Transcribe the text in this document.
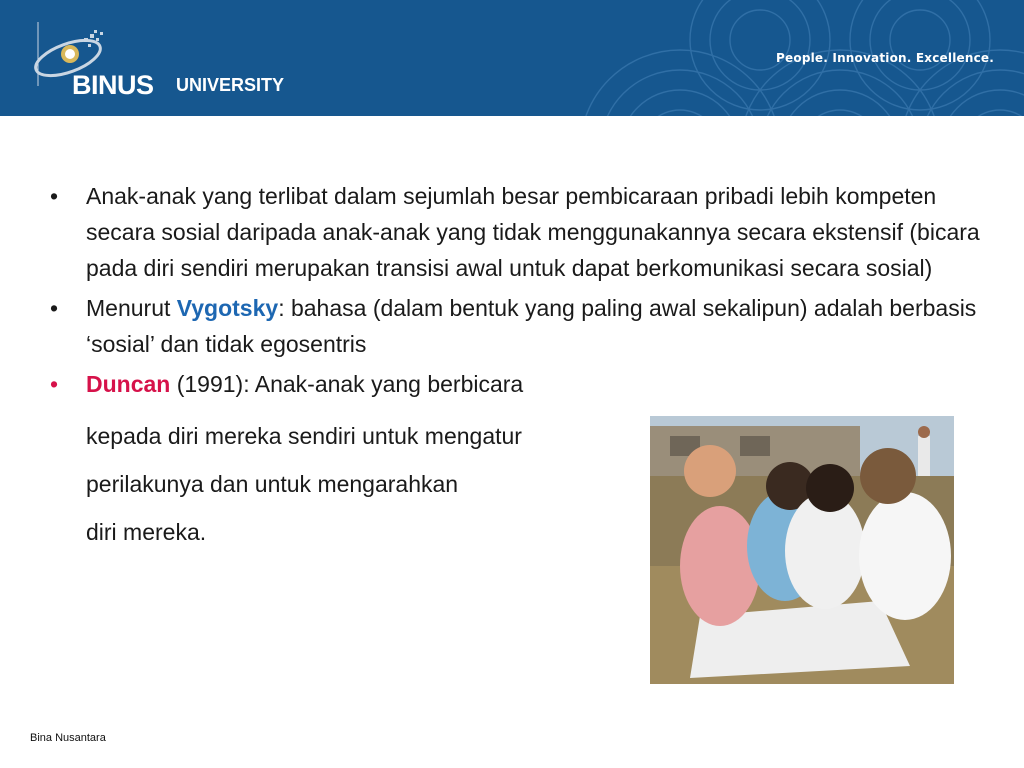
BINUS UNIVERSITY
People. Innovation. Excellence.
• Anak-anak yang terlibat dalam sejumlah besar pembicaraan pribadi lebih kompeten secara sosial daripada anak-anak yang tidak menggunakannya secara ekstensif (bicara pada diri sendiri merupakan transisi awal untuk dapat berkomunikasi secara sosial)
• Menurut Vygotsky: bahasa (dalam bentuk yang paling awal sekalipun) adalah berbasis ‘sosial’ dan tidak egosentris
• Duncan (1991): Anak-anak yang berbicara
kepada diri mereka sendiri untuk mengatur
perilakunya dan untuk mengarahkan
diri mereka.
Bina Nusantara
